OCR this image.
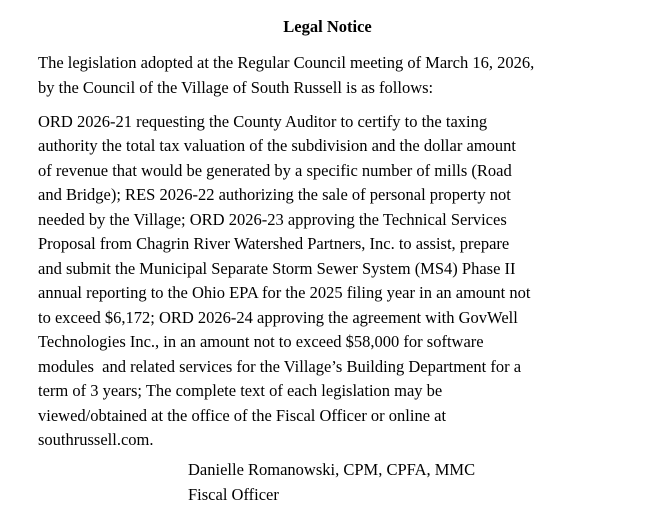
Legal Notice
The legislation adopted at the Regular Council meeting of March 16, 2026,
by the Council of the Village of South Russell is as follows:
ORD 2026-21 requesting the County Auditor to certify to the taxing
authority the total tax valuation of the subdivision and the dollar amount
of revenue that would be generated by a specific number of mills (Road
and Bridge); RES 2026-22 authorizing the sale of personal property not
needed by the Village; ORD 2026-23 approving the Technical Services
Proposal from Chagrin River Watershed Partners, Inc. to assist, prepare
and submit the Municipal Separate Storm Sewer System (MS4) Phase II
annual reporting to the Ohio EPA for the 2025 filing year in an amount not
to exceed $6,172; ORD 2026-24 approving the agreement with GovWell
Technologies Inc., in an amount not to exceed $58,000 for software
modules  and related services for the Village’s Building Department for a
term of 3 years; The complete text of each legislation may be
viewed/obtained at the office of the Fiscal Officer or online at
southrussell.com.
Danielle Romanowski, CPM, CPFA, MMC
Fiscal Officer
